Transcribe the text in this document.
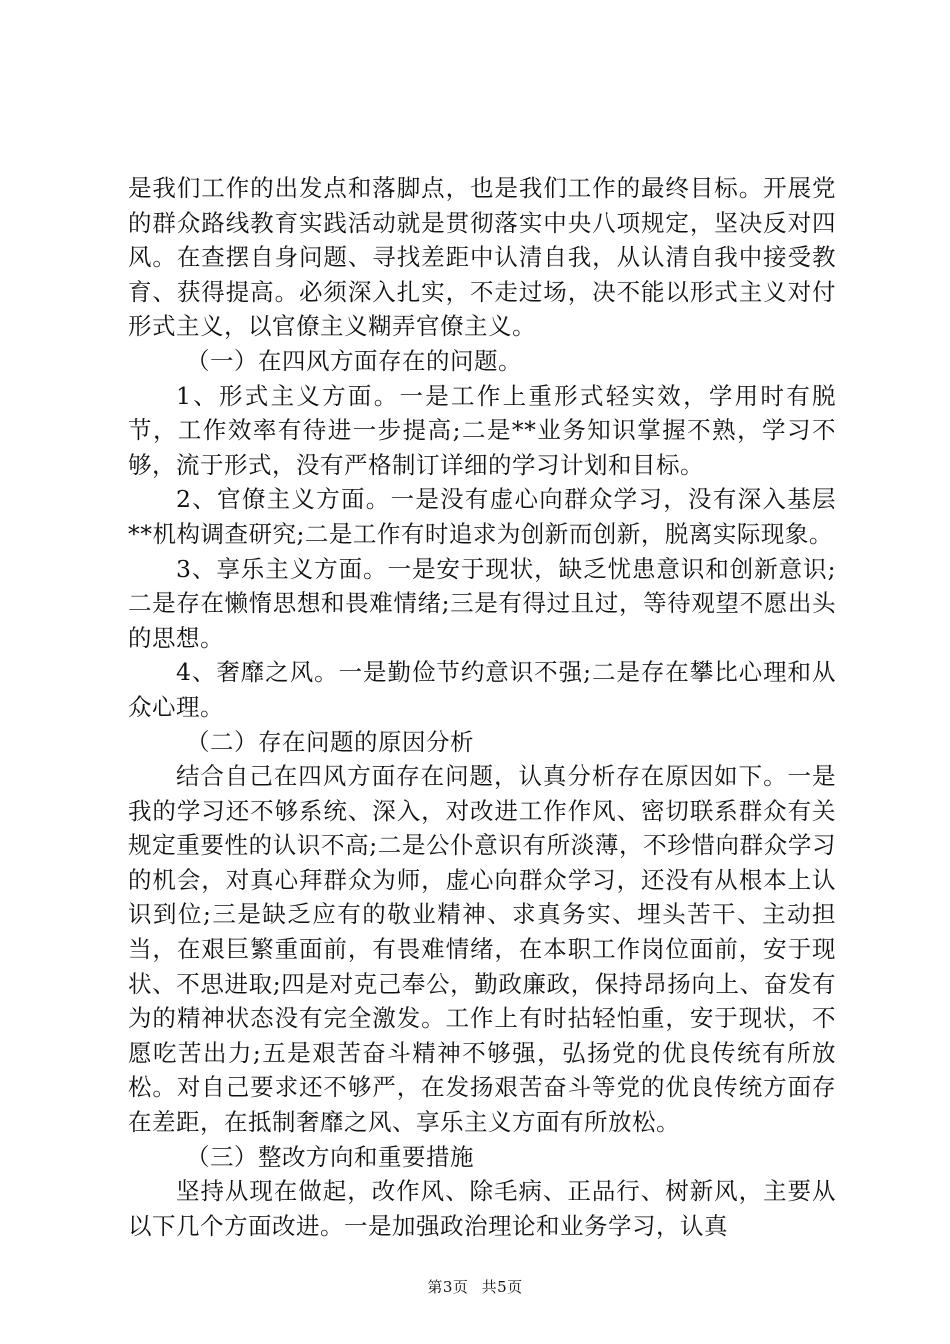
是我们工作的出发点和落脚点，也是我们工作的最终目标。开展党的群众路线教育实践活动就是贯彻落实中央八项规定，坚决反对四风。在查摆自身问题、寻找差距中认清自我，从认清自我中接受教育、获得提高。必须深入扎实，不走过场，决不能以形式主义对付形式主义，以官僚主义糊弄官僚主义。

（一）在四风方面存在的问题。

1、形式主义方面。一是工作上重形式轻实效，学用时有脱节，工作效率有待进一步提高;二是**业务知识掌握不熟，学习不够，流于形式，没有严格制订详细的学习计划和目标。

2、官僚主义方面。一是没有虚心向群众学习，没有深入基层**机构调查研究;二是工作有时追求为创新而创新，脱离实际现象。

3、享乐主义方面。一是安于现状，缺乏忧患意识和创新意识;二是存在懒惰思想和畏难情绪;三是有得过且过，等待观望不愿出头的思想。

4、奢靡之风。一是勤俭节约意识不强;二是存在攀比心理和从众心理。

（二）存在问题的原因分析

结合自己在四风方面存在问题，认真分析存在原因如下。一是我的学习还不够系统、深入，对改进工作作风、密切联系群众有关规定重要性的认识不高;二是公仆意识有所淡薄，不珍惜向群众学习的机会，对真心拜群众为师，虚心向群众学习，还没有从根本上认识到位;三是缺乏应有的敬业精神、求真务实、埋头苦干、主动担当，在艰巨繁重面前，有畏难情绪，在本职工作岗位面前，安于现状、不思进取;四是对克己奉公，勤政廉政，保持昂扬向上、奋发有为的精神状态没有完全激发。工作上有时拈轻怕重，安于现状，不愿吃苦出力;五是艰苦奋斗精神不够强，弘扬党的优良传统有所放松。对自己要求还不够严，在发扬艰苦奋斗等党的优良传统方面存在差距，在抵制奢靡之风、享乐主义方面有所放松。

（三）整改方向和重要措施

坚持从现在做起，改作风、除毛病、正品行、树新风，主要从以下几个方面改进。一是加强政治理论和业务学习，认真

第3页 共5页
